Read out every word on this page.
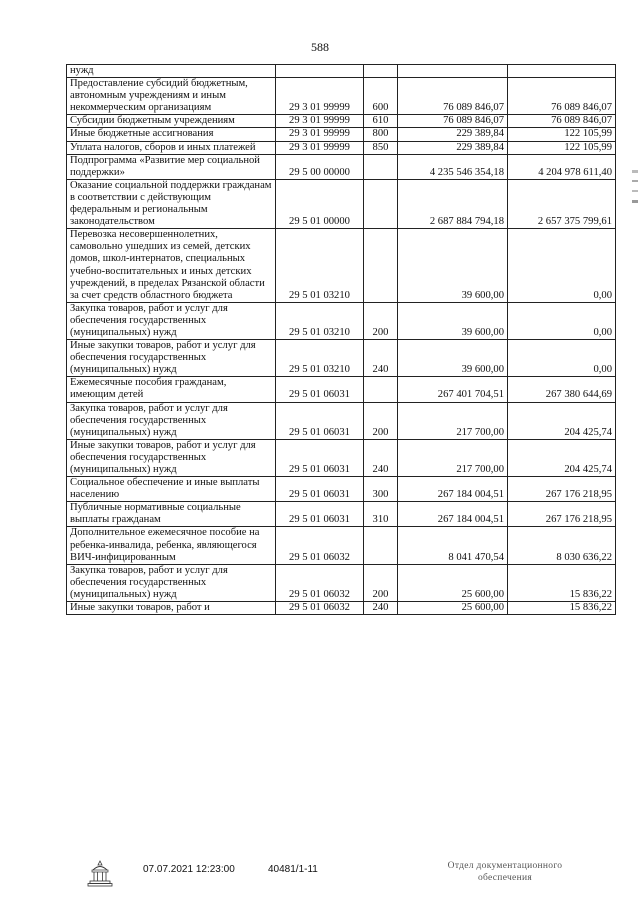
588
нужд				
Предоставление субсидий бюджетным, автономным учреждениям и иным некоммерческим организациям	29 3 01 99999	600	76 089 846,07	76 089 846,07
Субсидии бюджетным учреждениям	29 3 01 99999	610	76 089 846,07	76 089 846,07
Иные бюджетные ассигнования	29 3 01 99999	800	229 389,84	122 105,99
Уплата налогов, сборов и иных платежей	29 3 01 99999	850	229 389,84	122 105,99
Подпрограмма «Развитие мер социальной поддержки»	29 5 00 00000		4 235 546 354,18	4 204 978 611,40
Оказание социальной поддержки гражданам в соответствии с действующим федеральным и региональным законодательством	29 5 01 00000		2 687 884 794,18	2 657 375 799,61
Перевозка несовершеннолетних, самовольно ушедших из семей, детских домов, школ-интернатов, специальных учебно-воспитательных и иных детских учреждений, в пределах Рязанской области за счет средств областного бюджета	29 5 01 03210		39 600,00	0,00
Закупка товаров, работ и услуг для обеспечения государственных (муниципальных) нужд	29 5 01 03210	200	39 600,00	0,00
Иные закупки товаров, работ и услуг для обеспечения государственных (муниципальных) нужд	29 5 01 03210	240	39 600,00	0,00
Ежемесячные пособия гражданам, имеющим детей	29 5 01 06031		267 401 704,51	267 380 644,69
Закупка товаров, работ и услуг для обеспечения государственных (муниципальных) нужд	29 5 01 06031	200	217 700,00	204 425,74
Иные закупки товаров, работ и услуг для обеспечения государственных (муниципальных) нужд	29 5 01 06031	240	217 700,00	204 425,74
Социальное обеспечение и иные выплаты населению	29 5 01 06031	300	267 184 004,51	267 176 218,95
Публичные нормативные социальные выплаты гражданам	29 5 01 06031	310	267 184 004,51	267 176 218,95
Дополнительное ежемесячное пособие на ребенка-инвалида, ребенка, являющегося ВИЧ-инфицированным	29 5 01 06032		8 041 470,54	8 030 636,22
Закупка товаров, работ и услуг для обеспечения государственных (муниципальных) нужд	29 5 01 06032	200	25 600,00	15 836,22
Иные закупки товаров, работ и	29 5 01 06032	240	25 600,00	15 836,22
07.07.2021 12:23:00	40481/1-11	Отдел документационного
обеспечения
